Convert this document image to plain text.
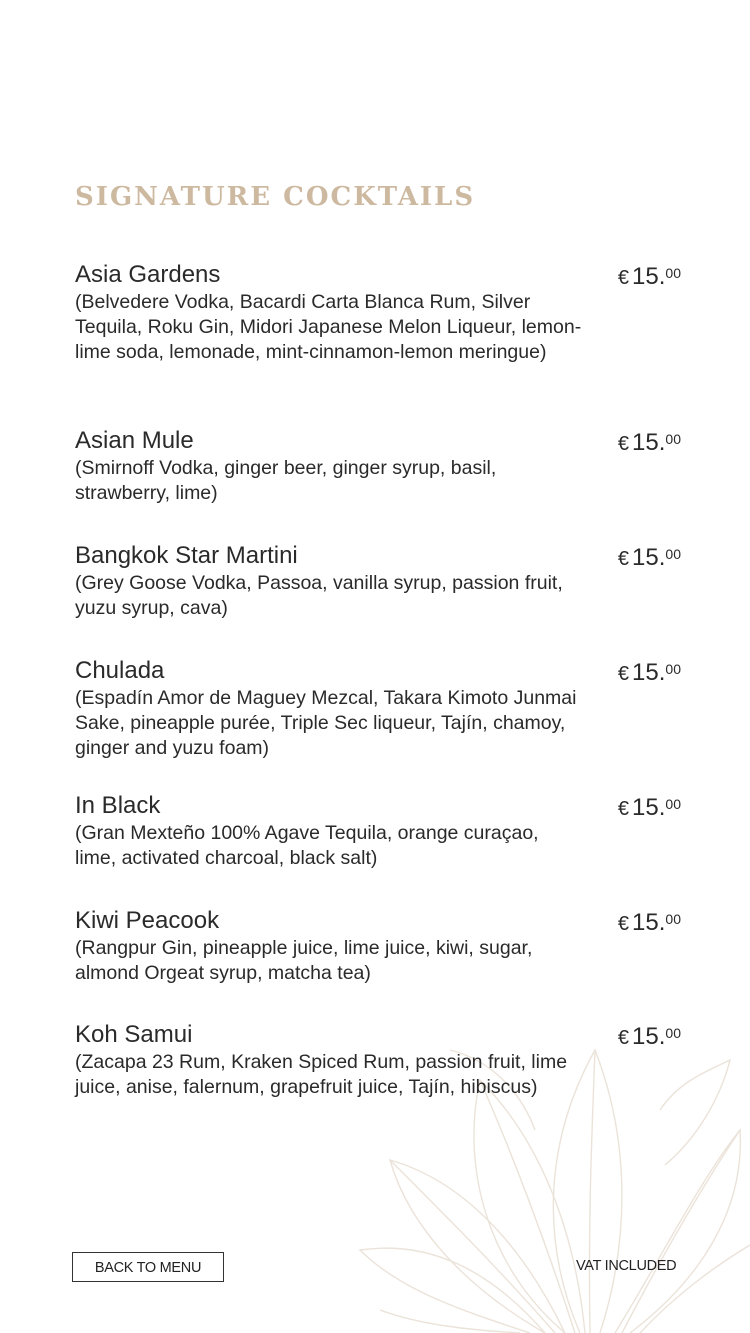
SIGNATURE COCKTAILS
Asia Gardens
(Belvedere Vodka, Bacardi Carta Blanca Rum, Silver Tequila, Roku Gin, Midori Japanese Melon Liqueur, lemon-lime soda, lemonade, mint-cinnamon-lemon meringue)
€ 15.00
Asian Mule
(Smirnoff Vodka, ginger beer, ginger syrup, basil, strawberry, lime)
€ 15.00
Bangkok Star Martini
(Grey Goose Vodka, Passoa, vanilla syrup, passion fruit, yuzu syrup, cava)
€ 15.00
Chulada
(Espadín Amor de Maguey Mezcal, Takara Kimoto Junmai Sake, pineapple purée, Triple Sec liqueur, Tajín, chamoy, ginger and yuzu foam)
€ 15.00
In Black
(Gran Mexteño 100% Agave Tequila, orange curaçao, lime, activated charcoal, black salt)
€ 15.00
Kiwi Peacook
(Rangpur Gin, pineapple juice, lime juice, kiwi, sugar, almond Orgeat syrup, matcha tea)
€ 15.00
Koh Samui
(Zacapa 23 Rum, Kraken Spiced Rum, passion fruit, lime juice, anise, falernum, grapefruit juice, Tajín, hibiscus)
€ 15.00
BACK TO MENU	VAT INCLUDED
